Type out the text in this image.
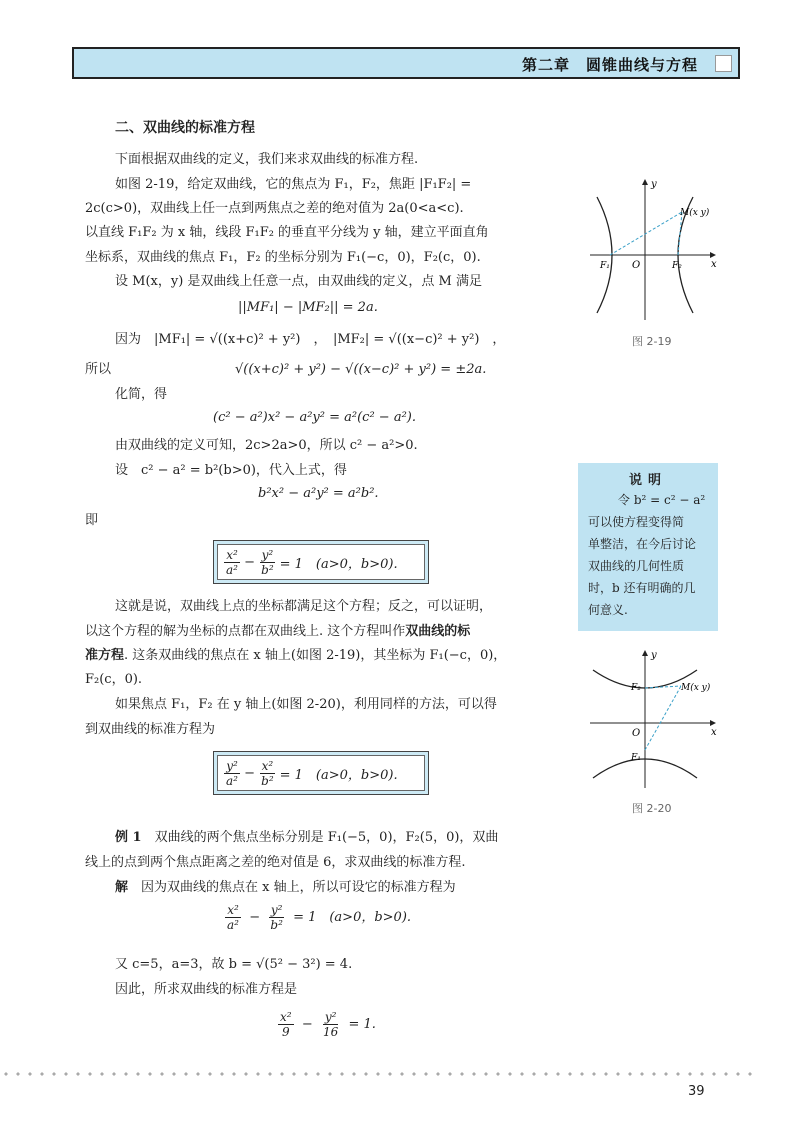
第二章　圆锥曲线与方程
二、双曲线的标准方程
下面根据双曲线的定义，我们来求双曲线的标准方程.
如图 2-19，给定双曲线，它的焦点为 F₁，F₂，焦距 |F₁F₂| =
2c(c>0)，双曲线上任一点到两焦点之差的绝对值为 2a(0<a<c).
以直线 F₁F₂ 为 x 轴，线段 F₁F₂ 的垂直平分线为 y 轴，建立平面直角
坐标系，双曲线的焦点 F₁，F₂ 的坐标分别为 F₁(−c，0)，F₂(c，0).
设 M(x，y) 是双曲线上任意一点，由双曲线的定义，点 M 满足
||MF₁| − |MF₂|| = 2a.
因为　|MF₁| = √((x+c)² + y²)　，　|MF₂| = √((x−c)² + y²)　，
所以	√((x+c)² + y²) − √((x−c)² + y²) = ±2a.
化简，得
(c² − a²)x² − a²y² = a²(c² − a²).
由双曲线的定义可知，2c>2a>0，所以 c² − a²>0.
设　c² − a² = b²(b>0)，代入上式，得
b²x² − a²y² = a²b².
即
$\frac{\text{x²}}{\text{a²}} - \frac{\text{y²}}{\text{b²}} = 1$　(a>0，b>0).
这就是说，双曲线上点的坐标都满足这个方程；反之，可以证明，
以这个方程的解为坐标的点都在双曲线上. 这个方程叫作双曲线的标
准方程. 这条双曲线的焦点在 x 轴上(如图 2-19)，其坐标为 F₁(−c，0)，
F₂(c，0).
如果焦点 F₁，F₂ 在 y 轴上(如图 2-20)，利用同样的方法，可以得
到双曲线的标准方程为
$\frac{\text{y²}}{\text{a²}} - \frac{\text{x²}}{\text{b²}} = 1$　(a>0，b>0).
例 1　双曲线的两个焦点坐标分别是 F₁(−5，0)，F₂(5，0)，双曲
线上的点到两个焦点距离之差的绝对值是 6，求双曲线的标准方程.
解　因为双曲线的焦点在 x 轴上，所以可设它的标准方程为
$\frac{\text{x²}}{\text{a²}} - \frac{\text{y²}}{\text{b²}} = 1$　(a>0，b>0).
又 c=5，a=3，故 b = √(5² − 3²) = 4.
因此，所求双曲线的标准方程是
$\frac{\text{x²}}{9} - \frac{\text{y²}}{16} = 1$.
y
x
O
F₁	F₂
M(x y)
图 2-19
说明
令 b² = c² − a²
可以使方程变得简
单整洁，在今后讨论
双曲线的几何性质
时，b 还有明确的几
何意义.
y
x
O
F₂
F₁
M(x y)
图 2-20
39
